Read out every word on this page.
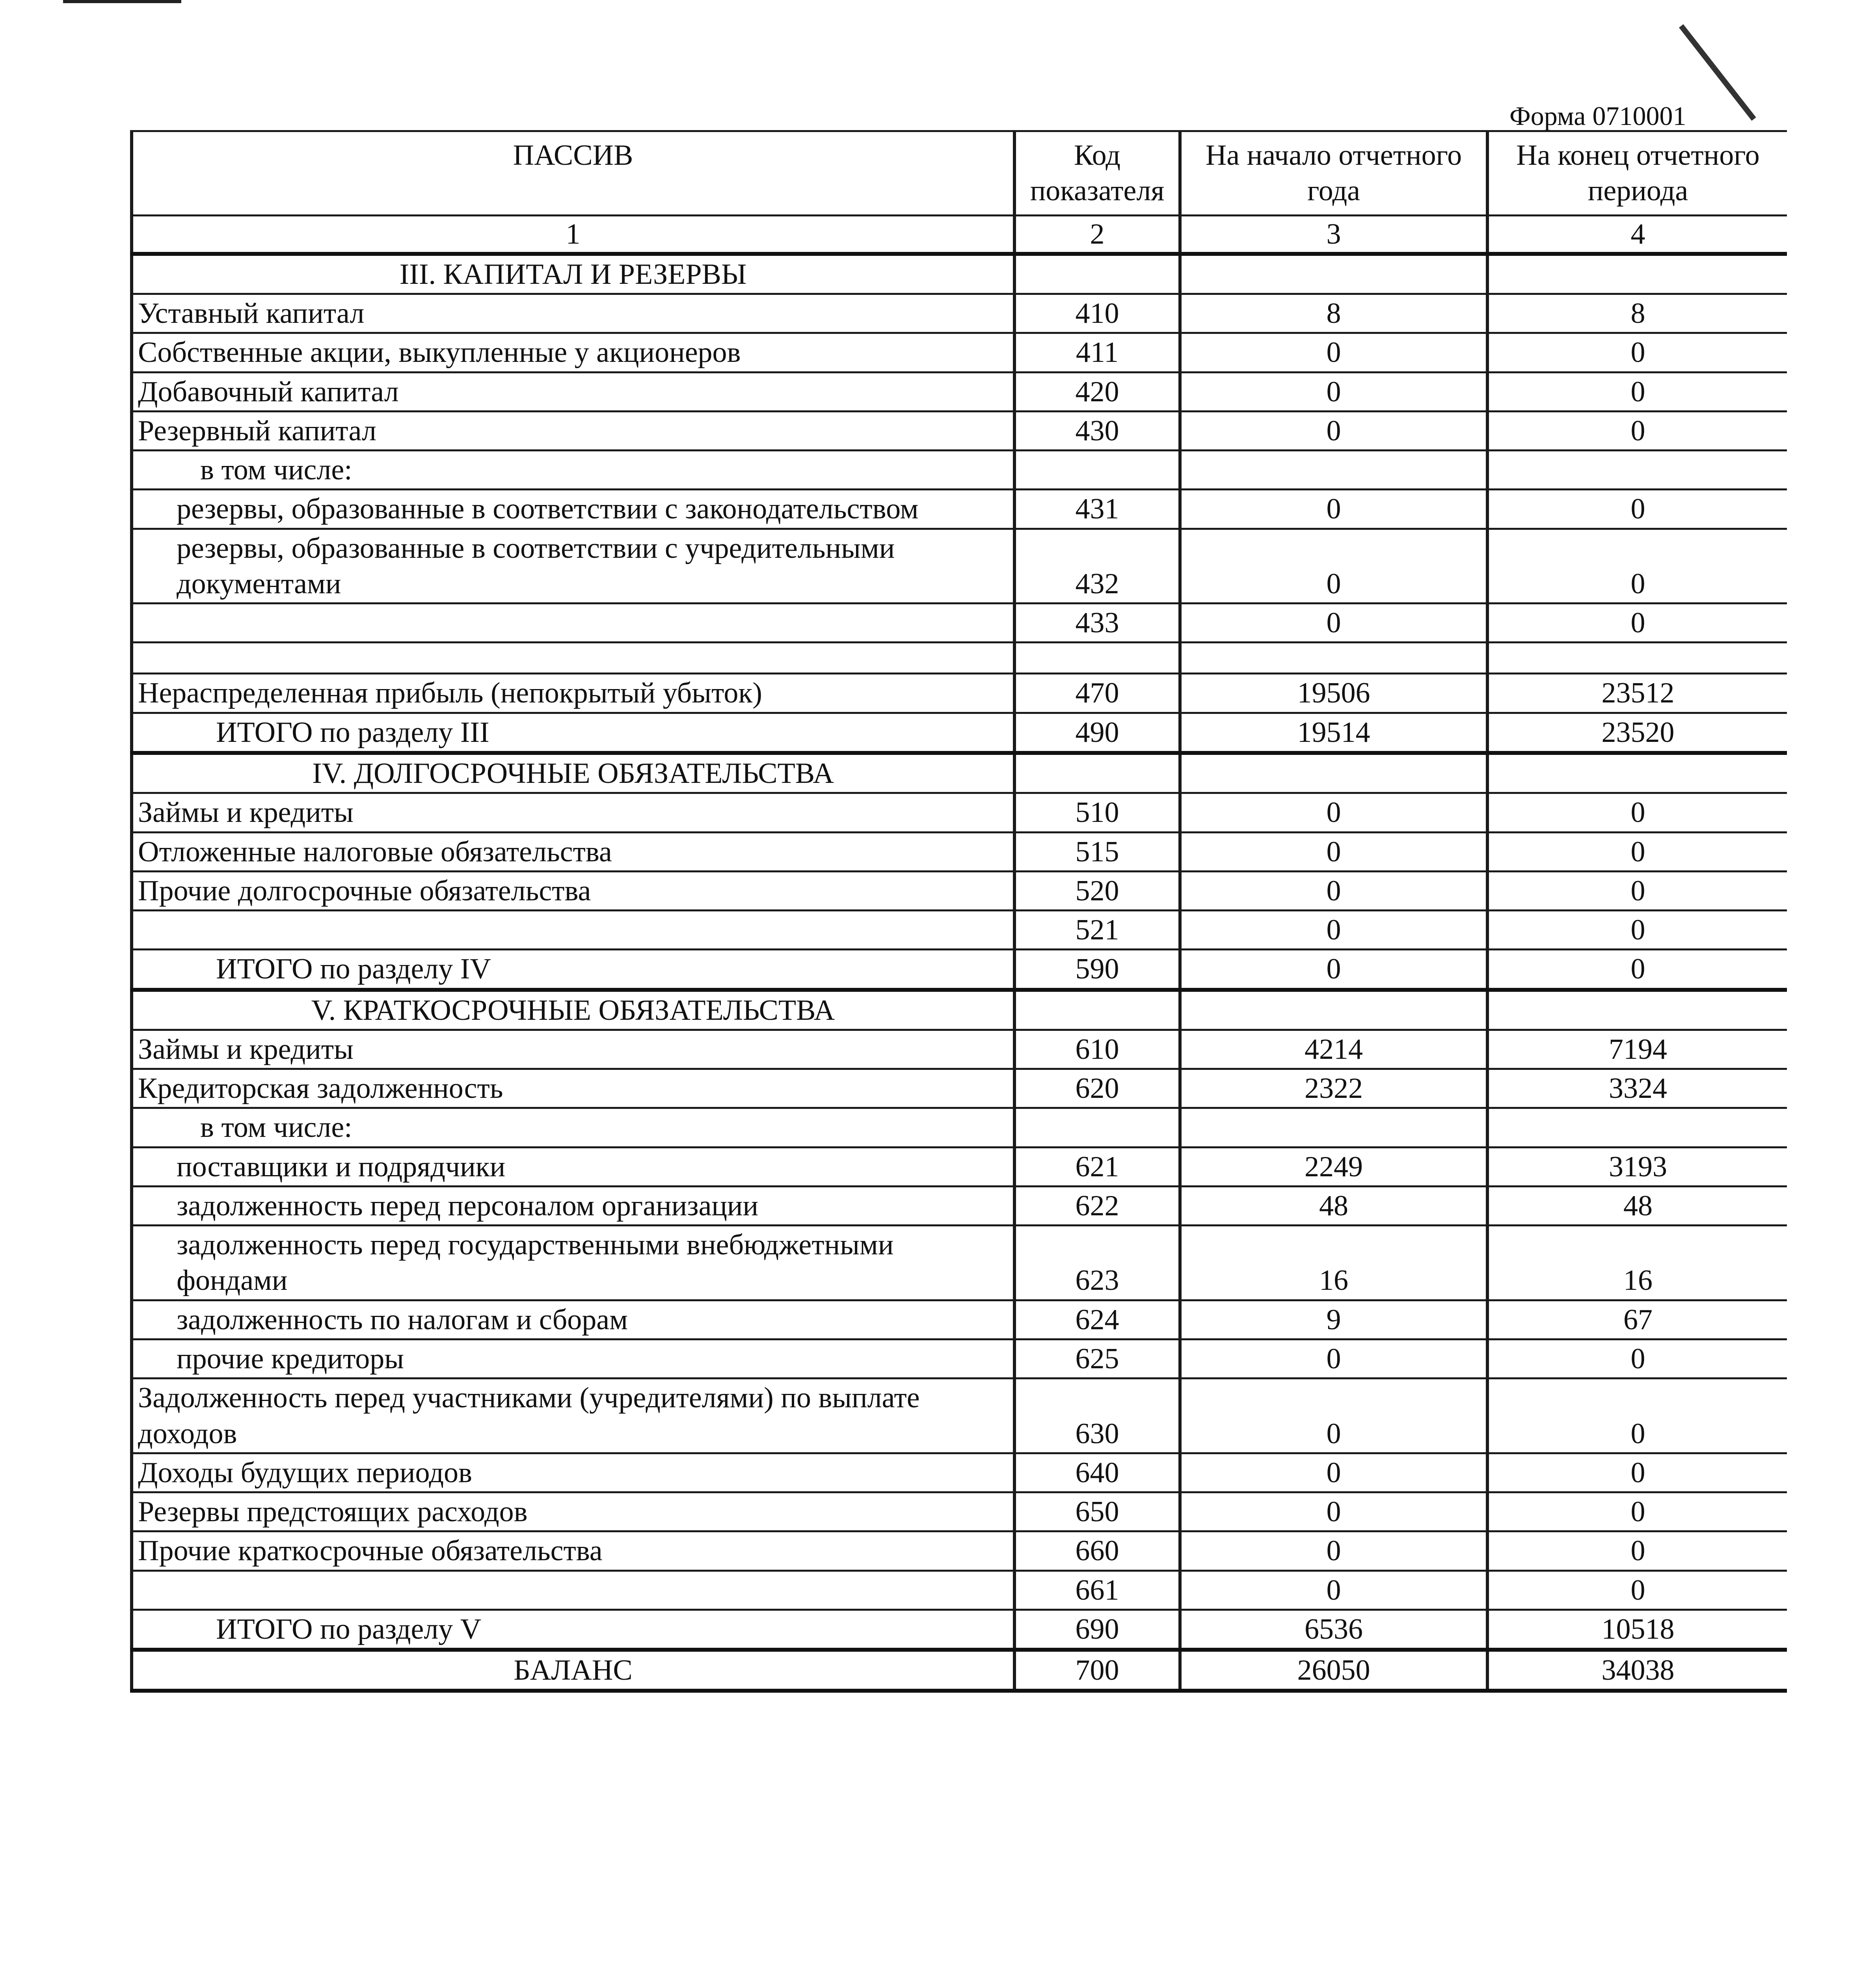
Форма 0710001
ПАССИВ	Код показателя	На начало отчетного года	На конец отчетного периода
1	2	3	4
III. КАПИТАЛ И РЕЗЕРВЫ			
Уставный капитал	410	8	8
Собственные акции, выкупленные у акционеров	411	0	0
Добавочный капитал	420	0	0
Резервный капитал	430	0	0
в том числе:			
резервы, образованные в соответствии с законодательством	431	0	0
резервы, образованные в соответствии с учредительными документами	432	0	0
	433	0	0

Нераспределенная прибыль (непокрытый убыток)	470	19506	23512
ИТОГО по разделу III	490	19514	23520
IV. ДОЛГОСРОЧНЫЕ ОБЯЗАТЕЛЬСТВА			
Займы и кредиты	510	0	0
Отложенные налоговые обязательства	515	0	0
Прочие долгосрочные обязательства	520	0	0
	521	0	0
ИТОГО по разделу IV	590	0	0
V. КРАТКОСРОЧНЫЕ ОБЯЗАТЕЛЬСТВА			
Займы и кредиты	610	4214	7194
Кредиторская задолженность	620	2322	3324
в том числе:			
поставщики и подрядчики	621	2249	3193
задолженность перед персоналом организации	622	48	48
задолженность перед государственными внебюджетными фондами	623	16	16
задолженность по налогам и сборам	624	9	67
прочие кредиторы	625	0	0
Задолженность перед участниками (учредителями) по выплате доходов	630	0	0
Доходы будущих периодов	640	0	0
Резервы предстоящих расходов	650	0	0
Прочие краткосрочные обязательства	660	0	0
	661	0	0
ИТОГО по разделу V	690	6536	10518
БАЛАНС	700	26050	34038
